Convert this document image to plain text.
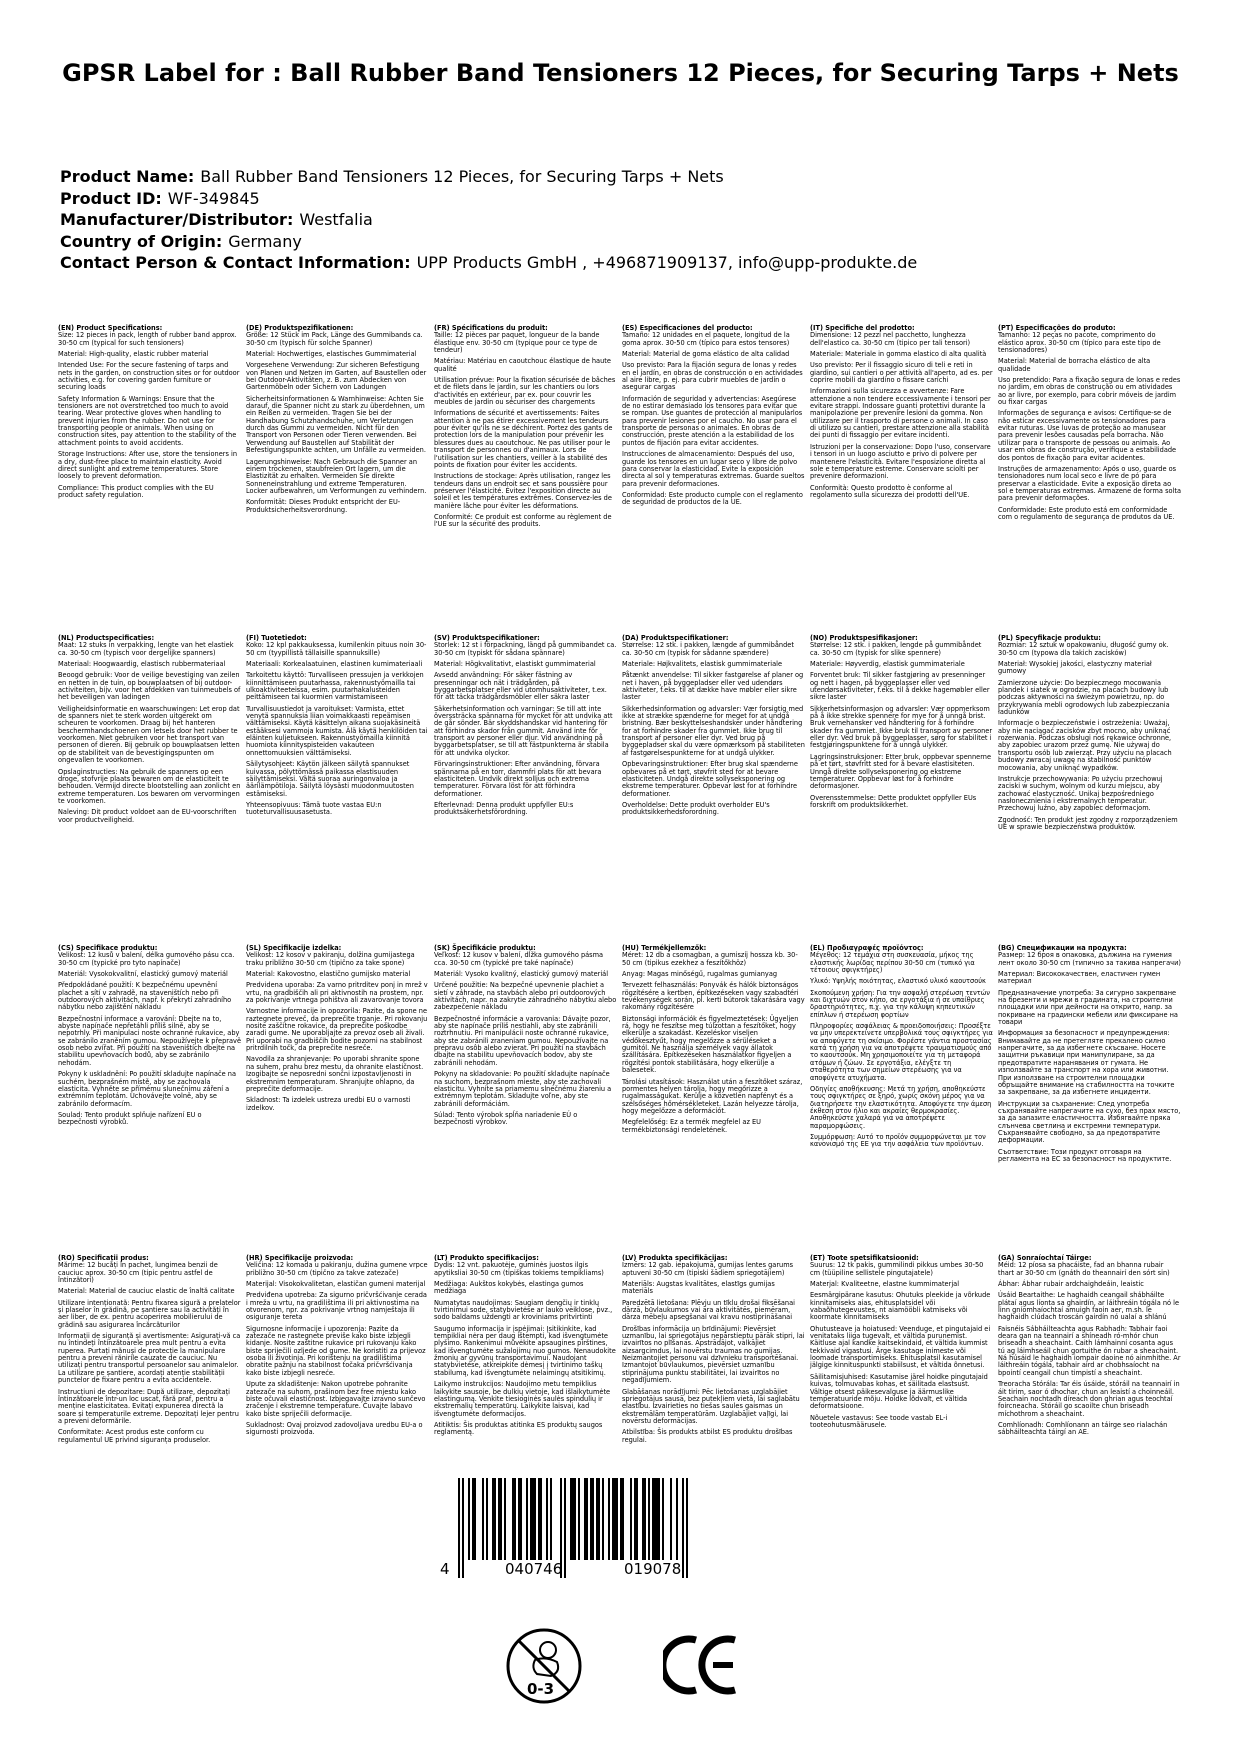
GPSR Label for : Ball Rubber Band Tensioners 12 Pieces, for Securing Tarps + Nets
Product Name: Ball Rubber Band Tensioners 12 Pieces, for Securing Tarps + Nets
Product ID: WF-349845
Manufacturer/Distributor: Westfalia
Country of Origin: Germany
Contact Person & Contact Information: UPP Products GmbH , +496871909137, info@upp-produkte.de

(EN) Product Specifications:
Size: 12 pieces in pack, length of rubber band approx. 30-50 cm (typical for such tensioners)

Material: High-quality, elastic rubber material

Intended Use: For the secure fastening of tarps and nets in the garden, on construction sites or for outdoor activities, e.g. for covering garden furniture or securing loads

Safety Information & Warnings: Ensure that the tensioners are not overstretched too much to avoid tearing. Wear protective gloves when handling to prevent injuries from the rubber. Do not use for transporting people or animals. When using on construction sites, pay attention to the stability of the attachment points to avoid accidents.

Storage Instructions: After use, store the tensioners in a dry, dust-free place to maintain elasticity. Avoid direct sunlight and extreme temperatures. Store loosely to prevent deformation.

Compliance: This product complies with the EU product safety regulation.

(DE) Produktspezifikationen:
Größe: 12 Stück im Pack, Länge des Gummibands ca. 30-50 cm (typisch für solche Spanner)

Material: Hochwertiges, elastisches Gummimaterial

Vorgesehene Verwendung: Zur sicheren Befestigung von Planen und Netzen im Garten, auf Baustellen oder bei Outdoor-Aktivitäten, z. B. zum Abdecken von Gartenmöbeln oder Sichern von Ladungen

Sicherheitsinformationen & Warnhinweise: Achten Sie darauf, die Spanner nicht zu stark zu überdehnen, um ein Reißen zu vermeiden. Tragen Sie bei der Handhabung Schutzhandschuhe, um Verletzungen durch das Gummi zu vermeiden. Nicht für den Transport von Personen oder Tieren verwenden. Bei Verwendung auf Baustellen auf Stabilität der Befestigungspunkte achten, um Unfälle zu vermeiden.

Lagerungshinweise: Nach Gebrauch die Spanner an einem trockenen, staubfreien Ort lagern, um die Elastizität zu erhalten. Vermeiden Sie direkte Sonneneinstrahlung und extreme Temperaturen. Locker aufbewahren, um Verformungen zu verhindern.

Konformität: Dieses Produkt entspricht der EU-Produktsicherheitsverordnung.

(FR) Spécifications du produit:
Taille: 12 pièces par paquet, longueur de la bande élastique env. 30-50 cm (typique pour ce type de tendeur)

Matériau: Matériau en caoutchouc élastique de haute qualité

Utilisation prévue: Pour la fixation sécurisée de bâches et de filets dans le jardin, sur les chantiers ou lors d'activités en extérieur, par ex. pour couvrir les meubles de jardin ou sécuriser des chargements

Informations de sécurité et avertissements: Faites attention à ne pas étirer excessivement les tendeurs pour éviter qu'ils ne se déchirent. Portez des gants de protection lors de la manipulation pour prévenir les blessures dues au caoutchouc. Ne pas utiliser pour le transport de personnes ou d'animaux. Lors de l'utilisation sur les chantiers, veiller à la stabilité des points de fixation pour éviter les accidents.

Instructions de stockage: Après utilisation, rangez les tendeurs dans un endroit sec et sans poussière pour préserver l'élasticité. Évitez l'exposition directe au soleil et les températures extrêmes. Conservez-les de manière lâche pour éviter les déformations.

Conformité: Ce produit est conforme au règlement de l'UE sur la sécurité des produits.

(ES) Especificaciones del producto:
Tamaño: 12 unidades en el paquete, longitud de la goma aprox. 30-50 cm (típico para estos tensores)

Material: Material de goma elástico de alta calidad

Uso previsto: Para la fijación segura de lonas y redes en el jardín, en obras de construcción o en actividades al aire libre, p. ej. para cubrir muebles de jardín o asegurar cargas

Información de seguridad y advertencias: Asegúrese de no estirar demasiado los tensores para evitar que se rompan. Use guantes de protección al manipularlos para prevenir lesiones por el caucho. No usar para el transporte de personas o animales. En obras de construcción, preste atención a la estabilidad de los puntos de fijación para evitar accidentes.

Instrucciones de almacenamiento: Después del uso, guarde los tensores en un lugar seco y libre de polvo para conservar la elasticidad. Evite la exposición directa al sol y temperaturas extremas. Guarde sueltos para prevenir deformaciones.

Conformidad: Este producto cumple con el reglamento de seguridad de productos de la UE.

(IT) Specifiche del prodotto:
Dimensione: 12 pezzi nel pacchetto, lunghezza dell'elastico ca. 30-50 cm (tipico per tali tensori)

Materiale: Materiale in gomma elastico di alta qualità

Uso previsto: Per il fissaggio sicuro di teli e reti in giardino, sui cantieri o per attività all'aperto, ad es. per coprire mobili da giardino o fissare carichi

Informazioni sulla sicurezza e avvertenze: Fare attenzione a non tendere eccessivamente i tensori per evitare strappi. Indossare guanti protettivi durante la manipolazione per prevenire lesioni da gomma. Non utilizzare per il trasporto di persone o animali. In caso di utilizzo su cantieri, prestare attenzione alla stabilità dei punti di fissaggio per evitare incidenti.

Istruzioni per la conservazione: Dopo l'uso, conservare i tensori in un luogo asciutto e privo di polvere per mantenere l'elasticità. Evitare l'esposizione diretta al sole e temperature estreme. Conservare sciolti per prevenire deformazioni.

Conformità: Questo prodotto è conforme al regolamento sulla sicurezza dei prodotti dell'UE.

(PT) Especificações do produto:
Tamanho: 12 peças no pacote, comprimento do elástico aprox. 30-50 cm (típico para este tipo de tensionadores)

Material: Material de borracha elástico de alta qualidade

Uso pretendido: Para a fixação segura de lonas e redes no jardim, em obras de construção ou em atividades ao ar livre, por exemplo, para cobrir móveis de jardim ou fixar cargas

Informações de segurança e avisos: Certifique-se de não esticar excessivamente os tensionadores para evitar ruturas. Use luvas de proteção ao manusear para prevenir lesões causadas pela borracha. Não utilizar para o transporte de pessoas ou animais. Ao usar em obras de construção, verifique a estabilidade dos pontos de fixação para evitar acidentes.

Instruções de armazenamento: Após o uso, guarde os tensionadores num local seco e livre de pó para preservar a elasticidade. Evite a exposição direta ao sol e temperaturas extremas. Armazene de forma solta para prevenir deformações.

Conformidade: Este produto está em conformidade com o regulamento de segurança de produtos da UE.

(NL) Productspecificaties:
Maat: 12 stuks in verpakking, lengte van het elastiek ca. 30-50 cm (typisch voor dergelijke spanners)

Materiaal: Hoogwaardig, elastisch rubbermateriaal

Beoogd gebruik: Voor de veilige bevestiging van zeilen en netten in de tuin, op bouwplaatsen of bij outdoor-activiteiten, bijv. voor het afdekken van tuinmeubels of het beveiligen van ladingen

Veiligheidsinformatie en waarschuwingen: Let erop dat de spanners niet te sterk worden uitgerekt om scheuren te voorkomen. Draag bij het hanteren beschermhandschoenen om letsels door het rubber te voorkomen. Niet gebruiken voor het transport van personen of dieren. Bij gebruik op bouwplaatsen letten op de stabiliteit van de bevestigingspunten om ongevallen te voorkomen.

Opslaginstructies: Na gebruik de spanners op een droge, stofvrije plaats bewaren om de elasticiteit te behouden. Vermijd directe blootstelling aan zonlicht en extreme temperaturen. Los bewaren om vervormingen te voorkomen.

Naleving: Dit product voldoet aan de EU-voorschriften voor productveiligheid.

(FI) Tuotetiedot:
Koko: 12 kpl pakkauksessa, kumilenkin pituus noin 30-50 cm (tyypillistä tällaisille spannuksille)

Materiaali: Korkealaatuinen, elastinen kumimateriaali

Tarkoitettu käyttö: Turvalliseen pressujen ja verkkojen kiinnittämiseen puutarhassa, rakennustyömailla tai ulkoaktiviteeteissa, esim. puutarhakalusteiden peittämiseen tai kuormien varmistamiseen

Turvallisuustiedot ja varoitukset: Varmista, ettet venytä spannuksia liian voimakkaasti repeämisen välttämiseksi. Käytä käsittelyn aikana suojakäsineitä estääksesi vammoja kumista. Älä käytä henkilöiden tai eläinten kuljetukseen. Rakennustyömailla kiinnitä huomiota kiinnityspisteiden vakauteen onnettomuuksien välttämiseksi.

Säilytysohjeet: Käytön jälkeen säilytä spannukset kuivassa, pölyttömässä paikassa elastisuuden säilyttämiseksi. Vältä suoraa auringonvaloa ja äärilämpötiloja. Säilytä löysästi muodonmuutosten estämiseksi.

Yhteensopivuus: Tämä tuote vastaa EU:n tuoteturvallisuusasetusta.

(SV) Produktspecifikationer:
Storlek: 12 st i förpackning, längd på gummibandet ca. 30-50 cm (typiskt för sådana spännare)

Material: Högkvalitativt, elastiskt gummimaterial

Avsedd användning: För säker fästning av presenningar och nät i trädgården, på byggarbetsplatser eller vid utomhusaktiviteter, t.ex. för att täcka trädgårdsmöbler eller säkra laster

Säkerhetsinformation och varningar: Se till att inte överssträcka spännarna för mycket för att undvika att de går sönder. Bär skyddshandskar vid hantering för att förhindra skador från gummit. Använd inte för transport av personer eller djur. Vid användning på byggarbetsplatser, se till att fästpunkterna är stabila för att undvika olyckor.

Förvaringsinstruktioner: Efter användning, förvara spännarna på en torr, dammfri plats för att bevara elasticiteten. Undvik direkt solljus och extrema temperaturer. Förvara löst för att förhindra deformationer.

Efterlevnad: Denna produkt uppfyller EU:s produktsäkerhetsförordning.

(DA) Produktspecifikationer:
Størrelse: 12 stk. i pakken, længde af gummibåndet ca. 30-50 cm (typisk for sådanne spændere)

Materiale: Højkvalitets, elastisk gummimateriale

Påtænkt anvendelse: Til sikker fastgørelse af planer og net i haven, på byggepladser eller ved udendørs aktiviteter, f.eks. til at dække have møbler eller sikre laster

Sikkerhedsinformation og advarsler: Vær forsigtig med ikke at strække spænderne for meget for at undgå bristning. Bær beskyttelseshandsker under håndtering for at forhindre skader fra gummiet. Ikke brug til transport af personer eller dyr. Ved brug på byggepladser skal du være opmærksom på stabiliteten af fastgørelsespunkterne for at undgå ulykker.

Opbevaringsinstruktioner: Efter brug skal spænderne opbevares på et tørt, støvfrit sted for at bevare elasticiteten. Undgå direkte sollyseksponering og ekstreme temperaturer. Opbevar løst for at forhindre deformationer.

Overholdelse: Dette produkt overholder EU's produktsikkerhedsforordning.

(NO) Produktspesifikasjoner:
Størrelse: 12 stk. i pakken, lengde på gummibåndet ca. 30-50 cm (typisk for slike spennere)

Materiale: Høyverdig, elastisk gummimateriale

Forventet bruk: Til sikker fastgjøring av presenninger og nett i hagen, på byggeplasser eller ved utendørsaktiviteter, f.eks. til å dekke hagemøbler eller sikre laster

Sikkerhetsinformasjon og advarsler: Vær oppmerksom på å ikke strekke spennere for mye for å unngå brist. Bruk vernehansker ved håndtering for å forhindre skader fra gummiet. Ikke bruk til transport av personer eller dyr. Ved bruk på byggeplasser, sørg for stabilitet i festgjøringspunktene for å unngå ulykker.

Lagringsinstruksjoner: Etter bruk, oppbevar spennerne på et tørt, støvfritt sted for å bevare elastisiteten. Unngå direkte sollyseksponering og ekstreme temperaturer. Oppbevar løst for å forhindre deformasjoner.

Overensstemmelse: Dette produktet oppfyller EUs forskrift om produktsikkerhet.

(PL) Specyfikacje produktu:
Rozmiar: 12 sztuk w opakowaniu, długość gumy ok. 30-50 cm (typowa dla takich zacisków)

Materiał: Wysokiej jakości, elastyczny materiał gumowy

Zamierzone użycie: Do bezpiecznego mocowania plandek i siatek w ogrodzie, na placach budowy lub podczas aktywności na świeżym powietrzu, np. do przykrywania mebli ogrodowych lub zabezpieczania ładunków

Informacje o bezpieczeństwie i ostrzeżenia: Uważaj, aby nie naciągać zacisków zbyt mocno, aby uniknąć rozerwania. Podczas obsługi noś rękawice ochronne, aby zapobiec urazom przez gumę. Nie używaj do transportu osób lub zwierząt. Przy użyciu na placach budowy zwracaj uwagę na stabilność punktów mocowania, aby uniknąć wypadków.

Instrukcje przechowywania: Po użyciu przechowuj zaciski w suchym, wolnym od kurzu miejscu, aby zachować elastyczność. Unikaj bezpośredniego nasłonecznienia i ekstremalnych temperatur. Przechowuj luźno, aby zapobiec deformacjom.

Zgodność: Ten produkt jest zgodny z rozporządzeniem UE w sprawie bezpieczeństwa produktów.

(CS) Specifikace produktu:
Velikost: 12 kusů v balení, délka gumového pásu cca. 30-50 cm (typické pro tyto napínače)

Materiál: Vysokokvalitní, elastický gumový materiál

Předpokládané použití: K bezpečnému upevnění plachet a sítí v zahradě, na staveništích nebo při outdoorových aktivitách, např. k překrytí zahradního nábytku nebo zajištění nákladu

Bezpečnostní informace a varování: Dbejte na to, abyste napínače nepřetáhli příliš silně, aby se nepotrhly. Při manipulaci noste ochranné rukavice, aby se zabránilo zraněním gumou. Nepoužívejte k přepravě osob nebo zvířat. Při použití na staveništích dbejte na stabilitu upevňovacích bodů, aby se zabránilo nehodám.

Pokyny k uskladnění: Po použití skladujte napínače na suchém, bezprašném místě, aby se zachovala elasticita. Vyhněte se přímému slunečnímu záření a extrémním teplotám. Uchovávejte volně, aby se zabránilo deformacím.

Soulad: Tento produkt splňuje nařízení EU o bezpečnosti výrobků.

(SL) Specifikacije izdelka:
Velikost: 12 kosov v pakiranju, dolžina gumijastega traku približno 30-50 cm (tipično za take spone)

Material: Kakovostno, elastično gumijsko material

Predvidena uporaba: Za varno pritrditev ponj in mrež v vrtu, na gradbiščih ali pri aktivnostih na prostem, npr. za pokrivanje vrtnega pohištva ali zavarovanje tovora

Varnostne informacije in opozorila: Pazite, da spone ne raztegnete preveč, da preprečite trganje. Pri rokovanju nosite zaščitne rokavice, da preprečite poškodbe zaradi gume. Ne uporabljajte za prevoz oseb ali živali. Pri uporabi na gradbiščih bodite pozorni na stabilnost pritrdilnih točk, da preprečite nesreče.

Navodila za shranjevanje: Po uporabi shranite spone na suhem, prahu brez mestu, da ohranite elastičnost. Izogibajte se neposredni sončni izpostavljenosti in ekstremnim temperaturam. Shranjujte ohlapno, da preprečite deformacije.

Skladnost: Ta izdelek ustreza uredbi EU o varnosti izdelkov.

(SK) Špecifikácie produktu:
Veľkosť: 12 kusov v balení, dĺžka gumového pásma cca. 30-50 cm (typické pre také napínače)

Materiál: Vysoko kvalitný, elastický gumový materiál

Určené použitie: Na bezpečné upevnenie plachiet a sietí v záhrade, na stavbách alebo pri outdoorových aktivitách, napr. na zakrytie záhradného nábytku alebo zabezpečenie nákladu

Bezpečnostné informácie a varovania: Dávajte pozor, aby ste napínače príliš nestiahli, aby ste zabránili roztrhnutiu. Pri manipulácii noste ochranné rukavice, aby ste zabránili zraneniam gumou. Nepoužívajte na prepravu osôb alebo zvierat. Pri použití na stavbách dbajte na stabilitu upevňovacích bodov, aby ste zabránili nehodám.

Pokyny na skladovanie: Po použití skladujte napínače na suchom, bezprašnom mieste, aby ste zachovali elasticitu. Vyhnite sa priamemu slnečnému žiareniu a extrémnym teplotám. Skladujte voľne, aby ste zabránili deformáciám.

Súlad: Tento výrobok spĺňa nariadenie EÚ o bezpečnosti výrobkov.

(HU) Termékjellemzők:
Méret: 12 db a csomagban, a gumiszíj hossza kb. 30-50 cm (tipikus ezekhez a feszítőkhöz)

Anyag: Magas minőségű, rugalmas gumianyag

Tervezett felhasználás: Ponyvák és hálók biztonságos rögzítésére a kertben, építkezéseken vagy szabadtéri tevékenységek során, pl. kerti bútorok takarására vagy rakomány rögzítésére

Biztonsági információk és figyelmeztetések: Ügyeljen rá, hogy ne feszítse meg túlzottan a feszítőket, hogy elkerülje a szakadást. Kezeléskor viseljen védőkesztyűt, hogy megelőzze a sérüléseket a gumitól. Ne használja személyek vagy állatok szállítására. Építkezéseken használatkor figyeljen a rögzítési pontok stabilitására, hogy elkerülje a balesetek.

Tárolási utasítások: Használat után a feszítőket száraz, pormentes helyen tárolja, hogy megőrizze a rugalmasságukat. Kerülje a közvetlen napfényt és a szélsőséges hőmérsékleteket. Lazán helyezze tárolja, hogy megelőzze a deformációt.

Megfelelőség: Ez a termék megfelel az EU termékbiztonsági rendeletének.

(EL) Προδιαγραφές προϊόντος:
Μέγεθος: 12 τεμάχια στη συσκευασία, μήκος της ελαστικής λωρίδας περίπου 30-50 cm (τυπικό για τέτοιους σφιγκτήρες)

Υλικό: Υψηλής ποιότητας, ελαστικό υλικό καουτσούκ

Σκοπούμενη χρήση: Για την ασφαλή στερέωση τεντών και διχτυών στον κήπο, σε εργοτάξια ή σε υπαίθριες δραστηριότητες, π.χ. για την κάλυψη κηπευτικών επίπλων ή στερέωση φορτίων

Πληροφορίες ασφάλειας & προειδοποιήσεις: Προσέξτε να μην υπερεκτείνετε υπερβολικά τους σφιγκτήρες για να αποφύγετε τη σκίσιμο. Φορέστε γάντια προστασίας κατά τη χρήση για να αποτρέψετε τραυματισμούς από το καουτσούκ. Μη χρησιμοποιείτε για τη μεταφορά ατόμων ή ζώων. Σε εργοτάξια, ελέγξτε τη σταθερότητα των σημείων στερέωσης για να αποφύγετε ατυχήματα.

Οδηγίες αποθήκευσης: Μετά τη χρήση, αποθηκεύστε τους σφιγκτήρες σε ξηρό, χωρίς σκόνη μέρος για να διατηρήσετε την ελαστικότητα. Αποφύγετε την άμεση έκθεση στον ήλιο και ακραίες θερμοκρασίες. Αποθηκεύστε χαλαρά για να αποτρέψετε παραμορφώσεις.

Συμμόρφωση: Αυτό το προϊόν συμμορφώνεται με τον κανονισμό της ΕΕ για την ασφάλεια των προϊόντων.

(BG) Спецификации на продукта:
Размер: 12 броя в опаковка, дължина на гумения лент около 30-50 cm (типично за такива напрегачи)

Материал: Висококачествен, еластичен гумен материал

Предназначение употреба: За сигурно закрепване на брезенти и мрежи в градината, на строителни площадки или при дейности на открито, напр. за покриване на градински мебели или фиксиране на товари

Информация за безопасност и предупреждения: Внимавайте да не претегляте прекалено силно напрегачите, за да избегнете скъсване. Носете защитни ръкавици при манипулиране, за да предотвратите наранявания от гумата. Не използвайте за транспорт на хора или животни. При използване на строителни площадки обръщайте внимание на стабилността на точките за закрепване, за да избегнете инциденти.

Инструкции за съхранение: След употреба съхранявайте напрегачите на сухо, без прах място, за да запазите еластичността. Избягвайте пряка слънчева светлина и екстремни температури. Съхранявайте свободно, за да предотвратите деформации.

Съответствие: Този продукт отговаря на регламента на ЕС за безопасност на продуктите.

(RO) Specificații produs:
Mărime: 12 bucăți în pachet, lungimea benzii de cauciuc aprox. 30-50 cm (tipic pentru astfel de întinzători)

Material: Material de cauciuc elastic de înaltă calitate

Utilizare intenționată: Pentru fixarea sigură a prelatelor și plaselor în grădină, pe șantiere sau la activități în aer liber, de ex. pentru acoperirea mobilierului de grădină sau asigurarea încărcăturilor

Informații de siguranță și avertismente: Asigurați-vă ca nu întindeți întinzătoarele prea mult pentru a evita ruperea. Purtați mănuși de protecție la manipulare pentru a preveni rănirile cauzate de cauciuc. Nu utilizați pentru transportul persoanelor sau animalelor. La utilizare pe șantiere, acordați atenție stabilității punctelor de fixare pentru a evita accidentele.

Instrucțiuni de depozitare: După utilizare, depozitați întinzătoarele într-un loc uscat, fără praf, pentru a menține elasticitatea. Evitați expunerea directă la soare și temperaturile extreme. Depozitați lejer pentru a preveni deformările.

Conformitate: Acest produs este conform cu regulamentul UE privind siguranța produselor.

(HR) Specifikacije proizvoda:
Veličina: 12 komada u pakiranju, dužina gumene vrpce približno 30-50 cm (tipično za takve zatezače)

Materijal: Visokokvalitetan, elastičan gumeni materijal

Predviđena upotreba: Za sigurno pričvršćivanje cerada i mreža u vrtu, na gradilištima ili pri aktivnostima na otvorenom, npr. za pokrivanje vrtnog namještaja ili osiguranje tereta

Sigurnosne informacije i upozorenja: Pazite da zatezače ne rastegnete previše kako biste izbjegli kidanje. Nosite zaštitne rukavice pri rukovanju kako biste spriječili ozljede od gume. Ne koristiti za prijevoz osoba ili životinja. Pri korištenju na gradilištima obratite pažnju na stabilnost točaka pričvršćivanja kako biste izbjegli nesreće.

Upute za skladištenje: Nakon upotrebe pohranite zatezače na suhom, prašinom bez free mjestu kako biste očuvali elastičnost. Izbjegavajte izravno sunčevo zračenje i ekstremne temperature. Čuvajte labavo kako biste spriječili deformacije.

Sukladnost: Ovaj proizvod zadovoljava uredbu EU-a o sigurnosti proizvoda.

(LT) Produkto specifikacijos:
Dydis: 12 vnt. pakuotėje, guminės juostos ilgis apytiksliai 30-50 cm (tipiškas tokiems tempikliams)

Medžiaga: Aukštos kokybės, elastinga gumos medžiaga

Numatytas naudojimas: Saugiam dengčių ir tinklų tvirtinimui sode, statybvietėse ar lauko veiklose, pvz., sodo baldams uždengti ar kroviniams pritvirtinti

Saugumo informacija ir įspėjimai: Įsitikinkite, kad tempikliai nėra per daug ištempti, kad išvengtumėte plyšimo. Rankenimui mūvėkite apsaugines pirštines, kad išvengtumėte sužalojimų nuo gumos. Nenaudokite žmonių ar gyvūnų transportavimui. Naudojant statybvietėse, atkreipkite dėmesį į tvirtinimo taškų stabilumą, kad išvengtumėte nelaimingų atsitikimų.

Laikymo instrukcijos: Naudojimo metu tempiklius laikykite sausoje, be dulkių vietoje, kad išlaikytumėte elastingumą. Venkite tiesioginės saulės spindulių ir ekstremalių temperatūrų. Laikykite laisvai, kad išvengtumėte deformacijos.

Atitiktis: Šis produktas atitinka ES produktų saugos reglamentą.

(LV) Produkta specifikācijas:
Izmērs: 12 gab. iepakojumā, gumijas lentes garums aptuveni 30-50 cm (tipiski šādiem spriegotājiem)

Materiāls: Augstas kvalitātes, elastīgs gumijas materiāls

Paredzētā lietošana: Plēvju un tīklu drošai fiksēšanai dārzā, būvlaukumos vai āra aktivitātēs, piemēram, dārza mēbeļu apsegšanai vai kravu nostiprināšanai

Drošības informācija un brīdinājumi: Pievērsiet uzmanību, lai spriegotājus nepārstieptu pārāk stipri, lai izvairītos no plīšanas. Apstrādājot, valkājiet aizsargcimdus, lai novērstu traumas no gumijas. Neizmantojiet personu vai dzīvnieku transportēšanai. Izmantojot būvlaukumos, pievērsiet uzmanību stiprinājuma punktu stabilitātei, lai izvairītos no negadījumiem.

Glabāšanas norādījumi: Pēc lietošanas uzglabājiet spriegotājus sausā, bez putekļiem vietā, lai saglabātu elastību. Izvairieties no tiešas saules gaismas un ekstremālām temperatūrām. Uzglabājiet vaļīgi, lai novērstu deformācijas.

Atbilstība: Šis produkts atbilst ES produktu drošības regulai.

(ET) Toote spetsifikatsioonid:
Suurus: 12 tk pakis, gummilindi pikkus umbes 30-50 cm (tüüpiline sellistele pingutajatele)

Materjal: Kvaliteetne, elastne kummimaterjal

Eesmärgipärane kasutus: Ohutuks pleekide ja võrkude kinnitamiseks aias, ehitusplatsidel või vabaõhutegevustes, nt aiamööbli katmiseks või koormate kinnitamiseks

Ohutusteave ja hoiatused: Veenduge, et pingutajaid ei venitataks liiga tugevalt, et vältida purunemist. Käitluse ajal kandke kaitsekindaid, et vältida kummist tekkivaid vigastusi. Ärge kasutage inimeste või loomade transportimiseks. Ehitusplatsil kasutamisel jälgige kinnituspunkti stabiilsust, et vältida õnnetusi.

Säilitamisjuhised: Kasutamise järel hoidke pingutajaid kuivas, tolmuvabas kohas, et säilitada elastsust. Vältige otsest päikesevalguse ja äärmuslike temperatuuride mõju. Hoidke lõdvalt, et vältida deformatsioone.

Nõuetele vastavus: See toode vastab EL-i tooteohutusmäärusele.

(GA) Sonraíochtaí Táirge:
Méid: 12 píosa sa phacáiste, fad an bhanna rubair thart ar 30-50 cm (gnáth do theannairí den sórt sin)

Ábhar: Ábhar rubair ardchaighdeáin, leaistic

Úsáid Beartaithe: Le haghaidh ceangail shábháilte plátaí agus líonta sa ghairdín, ar láithreáin tógála nó le linn gníomhaíochtaí amuigh faoin aer, m.sh. le haghaidh clúdach troscán gairdín nó ualaí a shlánú

Faisnéis Sábháilteachta agus Rabhadh: Tabhair faoi deara gan na teannairí a shíneadh ró-mhór chun briseadh a sheachaint. Caith lámhainní cosanta agus tú ag láimhseáil chun gortuithe ón rubar a sheachaint. Ná húsáid le haghaidh iompair daoine nó ainmhithe. Ar láithreáin tógála, tabhair aird ar chobhsaíocht na bpointí ceangail chun timpistí a sheachaint.

Treoracha Stórála: Tar éis úsáide, stóráil na teannairí in áit tirim, saor ó dhochar, chun an leaistí a choinneáil. Seachain nochtadh díreach don ghrian agus teochtaí foircneacha. Stóráil go scaoilte chun briseadh míchothrom a sheachaint.

Comhlíonadh: Comhlíonann an táirge seo rialachán sábháilteachta táirgí an AE.

4	040746	019078
0-3
